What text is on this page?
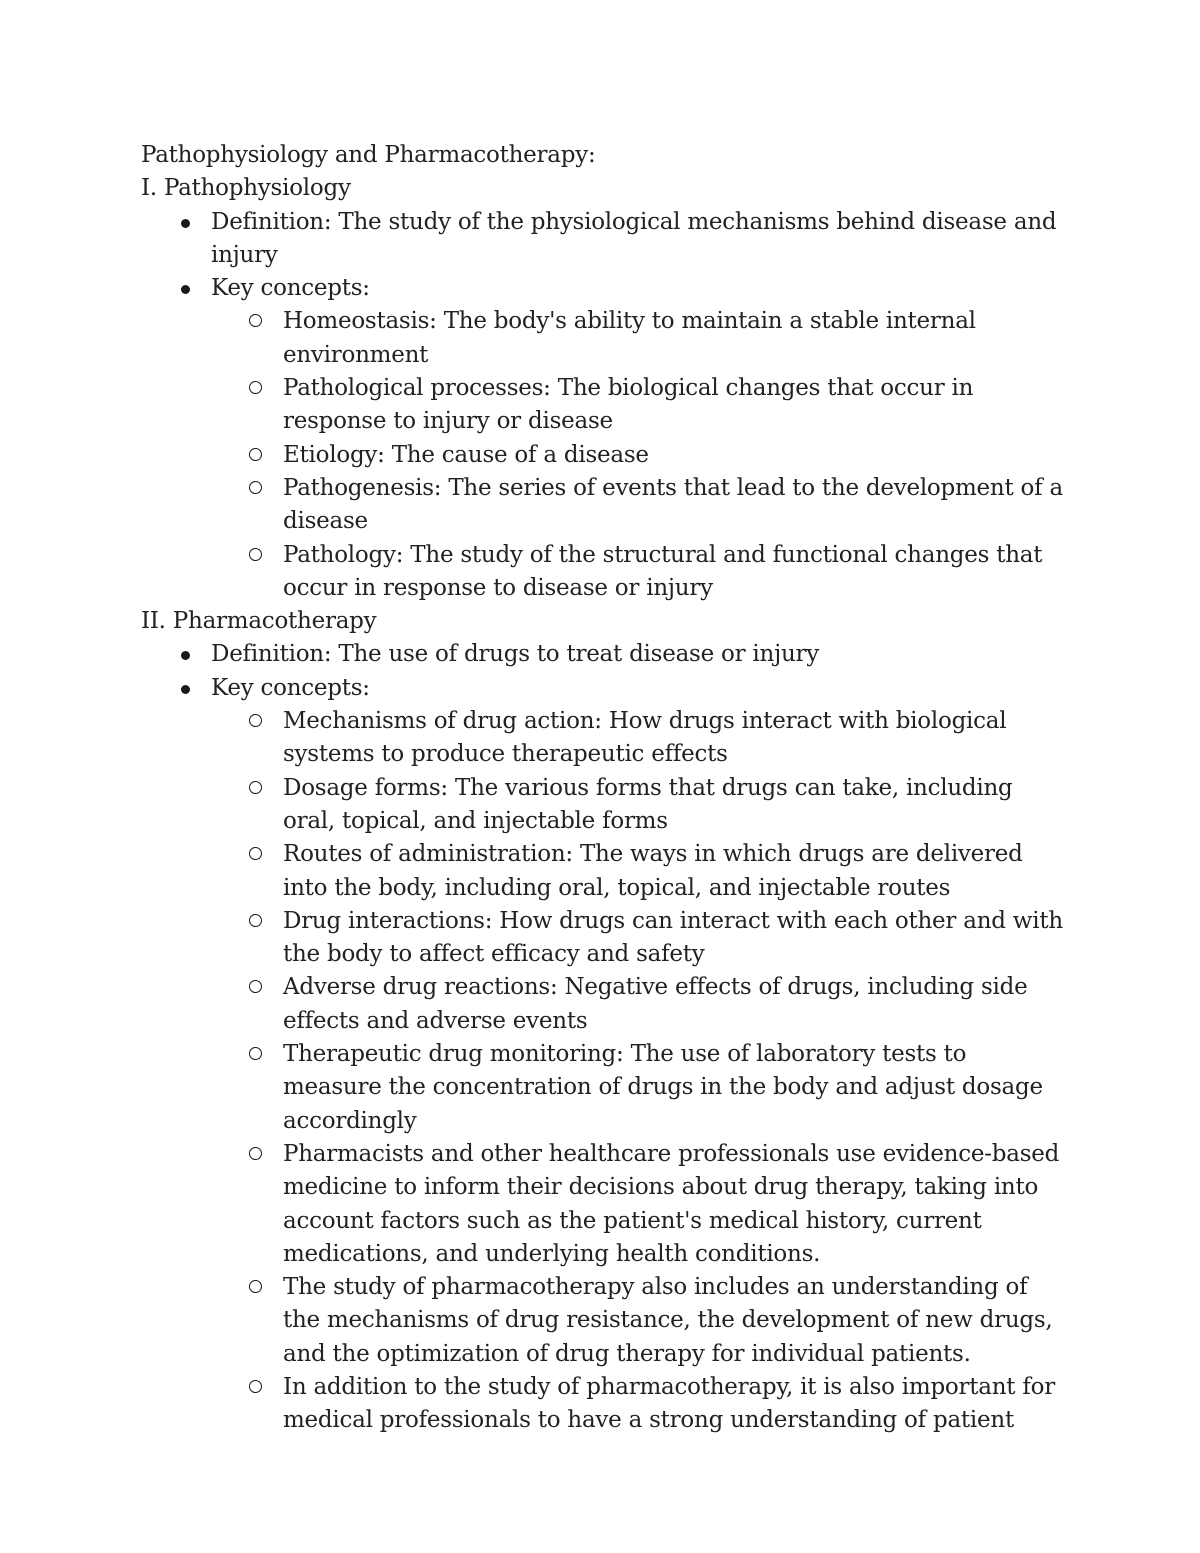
Pathophysiology and Pharmacotherapy:
I. Pathophysiology
Definition: The study of the physiological mechanisms behind disease and injury
Key concepts:
Homeostasis: The body's ability to maintain a stable internal environment
Pathological processes: The biological changes that occur in response to injury or disease
Etiology: The cause of a disease
Pathogenesis: The series of events that lead to the development of a disease
Pathology: The study of the structural and functional changes that occur in response to disease or injury
II. Pharmacotherapy
Definition: The use of drugs to treat disease or injury
Key concepts:
Mechanisms of drug action: How drugs interact with biological systems to produce therapeutic effects
Dosage forms: The various forms that drugs can take, including oral, topical, and injectable forms
Routes of administration: The ways in which drugs are delivered into the body, including oral, topical, and injectable routes
Drug interactions: How drugs can interact with each other and with the body to affect efficacy and safety
Adverse drug reactions: Negative effects of drugs, including side effects and adverse events
Therapeutic drug monitoring: The use of laboratory tests to measure the concentration of drugs in the body and adjust dosage accordingly
Pharmacists and other healthcare professionals use evidence-based medicine to inform their decisions about drug therapy, taking into account factors such as the patient's medical history, current medications, and underlying health conditions.
The study of pharmacotherapy also includes an understanding of the mechanisms of drug resistance, the development of new drugs, and the optimization of drug therapy for individual patients.
In addition to the study of pharmacotherapy, it is also important for medical professionals to have a strong understanding of patient
